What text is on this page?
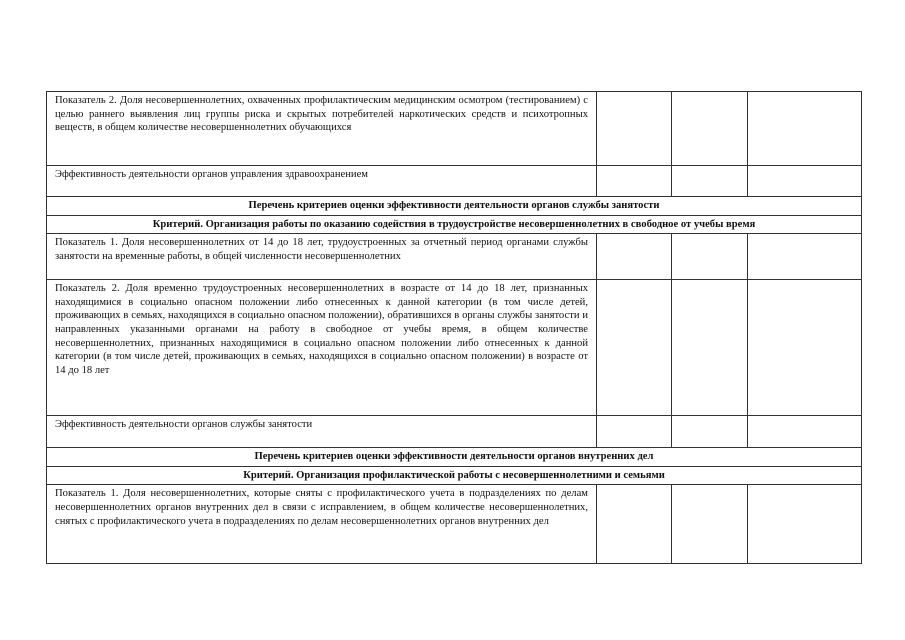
Показатель 2. Доля несовершеннолетних, охваченных профилактическим медицинским осмотром (тестированием) с целью раннего выявления лиц группы риска и скрытых потребителей наркотических средств и психотропных веществ, в общем количестве несовершеннолетних обучающихся			
Эффективность деятельности органов управления здравоохранением			
Перечень критериев оценки эффективности деятельности органов службы занятости			
Критерий. Организация работы по оказанию содействия в трудоустройстве несовершеннолетних в свободное от учебы время			
Показатель 1. Доля несовершеннолетних от 14 до 18 лет, трудоустроенных за отчетный период органами службы занятости на временные работы, в общей численности несовершеннолетних			
Показатель 2. Доля временно трудоустроенных несовершеннолетних в возрасте от 14 до 18 лет, признанных находящимися в социально опасном положении либо отнесенных к данной категории (в том числе детей, проживающих в семьях, находящихся в социально опасном положении), обратившихся в органы службы занятости и направленных указанными органами на работу в свободное от учебы время, в общем количестве несовершеннолетних, признанных находящимися в социально опасном положении либо отнесенных к данной категории (в том числе детей, проживающих в семьях, находящихся в социально опасном положении) в возрасте от 14 до 18 лет			
Эффективность деятельности органов службы занятости			
Перечень критериев оценки эффективности деятельности органов внутренних дел			
Критерий. Организация профилактической работы с несовершеннолетними и семьями			
Показатель 1. Доля несовершеннолетних, которые сняты с профилактического учета в подразделениях по делам несовершеннолетних органов внутренних дел в связи с исправлением, в общем количестве несовершеннолетних, снятых с профилактического учета в подразделениях по делам несовершеннолетних органов внутренних дел			
